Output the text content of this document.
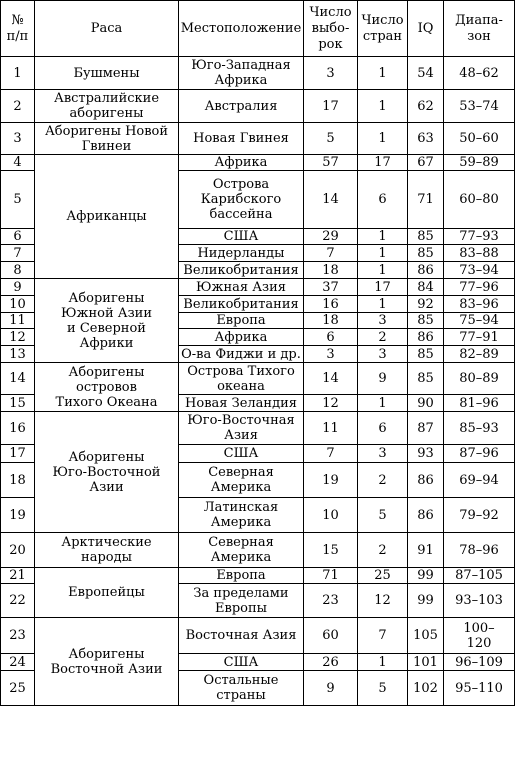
№
п/п	Раса	Местоположение	Число
выбо-
рок	Число
стран	IQ	Диапа-
зон
1	Бушмены	Юго-Западная
Африка	3	1	54	48–62
2	Австралийские
аборигены	Австралия	17	1	62	53–74
3	Аборигены Новой
Гвинеи	Новая Гвинея	5	1	63	50–60
4	Африканцы	Африка	57	17	67	59–89
5		Острова
Карибского
бассейна	14	6	71	60–80
6		США	29	1	85	77–93
7		Нидерланды	7	1	85	83–88
8		Великобритания	18	1	86	73–94
9	Аборигены
Южной Азии
и Северной
Африки	Южная Азия	37	17	84	77–96
10		Великобритания	16	1	92	83–96
11		Европа	18	3	85	75–94
12		Африка	6	2	86	77–91
13		О-ва Фиджи и др.	3	3	85	82–89
14	Аборигены
островов
Тихого Океана	Острова Тихого
океана	14	9	85	80–89
15		Новая Зеландия	12	1	90	81–96
16	Аборигены
Юго-Восточной
Азии	Юго-Восточная
Азия	11	6	87	85–93
17		США	7	3	93	87–96
18		Северная
Америка	19	2	86	69–94
19		Латинская
Америка	10	5	86	79–92
20	Арктические
народы	Северная
Америка	15	2	91	78–96
21	Европейцы	Европа	71	25	99	87–105
22		За пределами
Европы	23	12	99	93–103
23	Аборигены
Восточной Азии	Восточная Азия	60	7	105	100–
120
24		США	26	1	101	96–109
25		Остальные
страны	9	5	102	95–110
